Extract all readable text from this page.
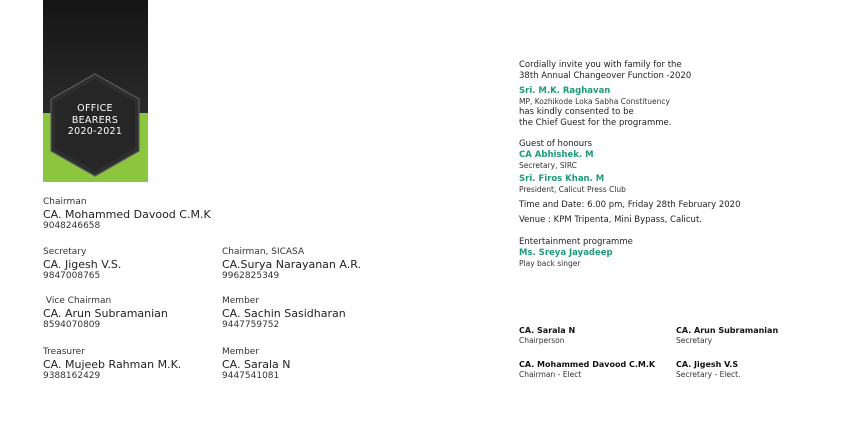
OFFICE
BEARERS
2020-2021
Chairman
CA. Mohammed Davood C.M.K
9048246658
Secretary
CA. Jigesh V.S.
9847008765
Vice Chairman
CA. Arun Subramanian
8594070809
Treasurer
CA. Mujeeb Rahman M.K.
9388162429
Chairman, SICASA
CA.Surya Narayanan A.R.
9962825349
Member
CA. Sachin Sasidharan
9447759752
Member
CA. Sarala N
9447541081
Cordially invite you with family for the
38th Annual Changeover Function -2020
Sri. M.K. Raghavan
MP, Kozhikode Loka Sabha Constituency
has kindly consented to be
the Chief Guest for the programme.
Guest of honours
CA Abhishek. M
Secretary, SIRC
Sri. Firos Khan. M
President, Calicut Press Club
Time and Date: 6.00 pm, Friday 28th February 2020
Venue : KPM Tripenta, Mini Bypass, Calicut.
Entertainment programme
Ms. Sreya Jayadeep
Play back singer
CA. Sarala N
Chairperson
CA. Arun Subramanian
Secretary
CA. Mohammed Davood C.M.K
Chairman - Elect
CA. Jigesh V.S
Secretary - Elect.
